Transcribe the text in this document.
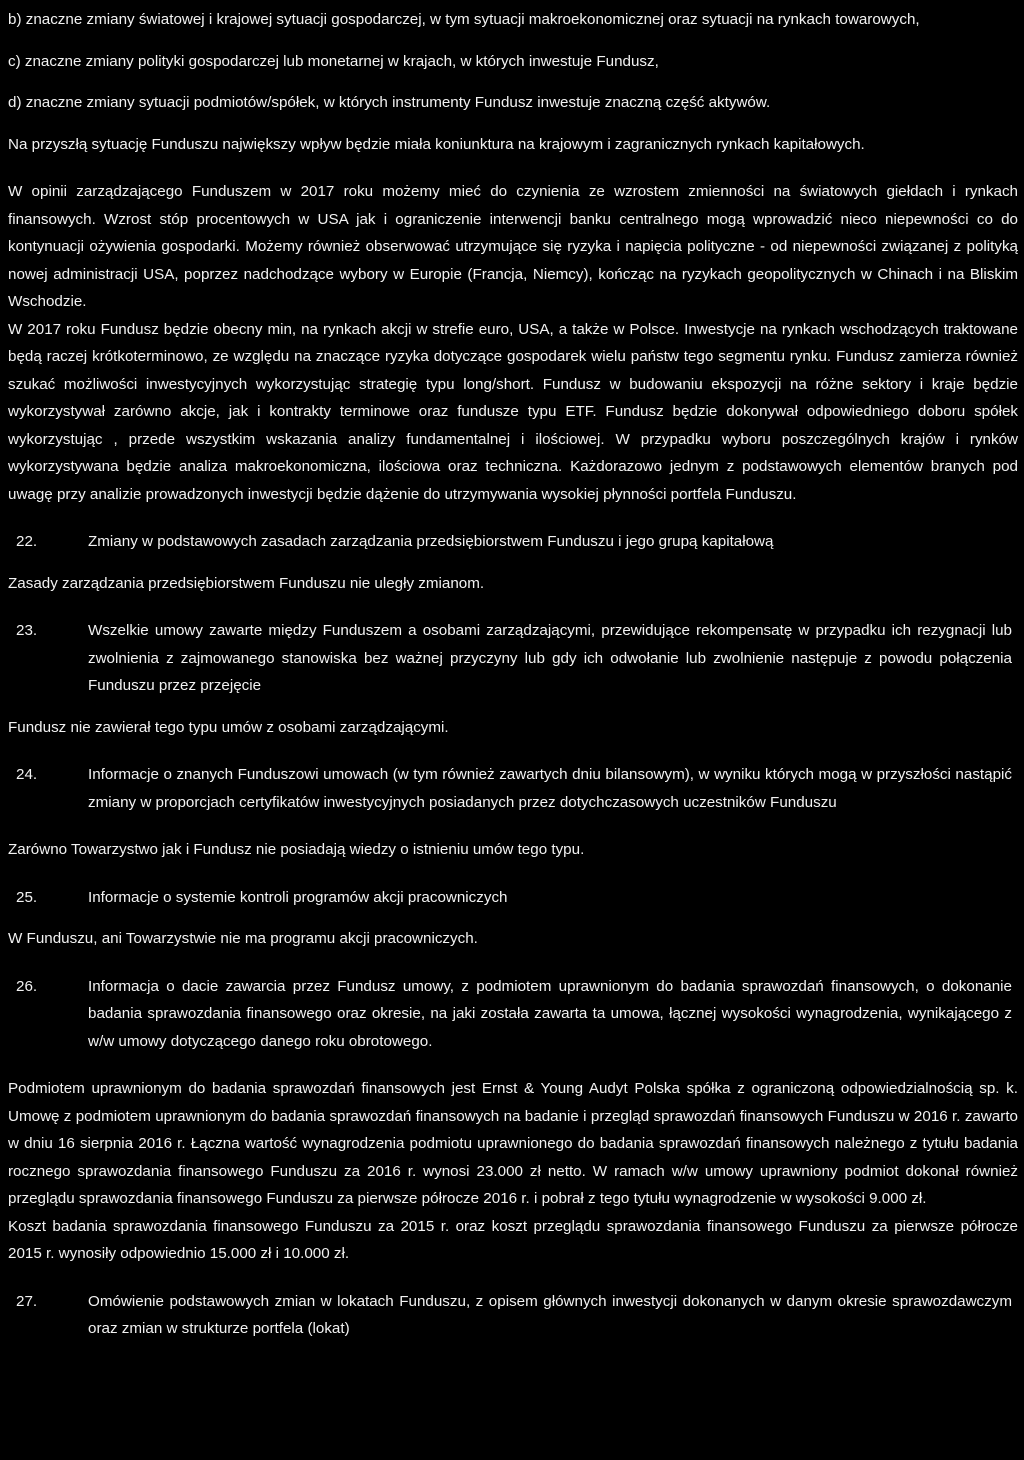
b) znaczne zmiany światowej i krajowej sytuacji gospodarczej, w tym sytuacji makroekonomicznej oraz sytuacji na rynkach towarowych,

c) znaczne zmiany polityki gospodarczej lub monetarnej w krajach, w których inwestuje Fundusz,

d) znaczne zmiany sytuacji podmiotów/spółek, w których instrumenty Fundusz inwestuje znaczną część aktywów.

Na przyszłą sytuację Funduszu największy wpływ będzie miała koniunktura na krajowym i zagranicznych rynkach kapitałowych.

W opinii zarządzającego Funduszem w 2017 roku możemy mieć do czynienia ze wzrostem zmienności na światowych giełdach i rynkach finansowych. Wzrost stóp procentowych w USA jak i ograniczenie interwencji banku centralnego mogą wprowadzić nieco niepewności co do kontynuacji ożywienia gospodarki. Możemy również obserwować utrzymujące się ryzyka i napięcia polityczne - od niepewności związanej z polityką nowej administracji USA, poprzez nadchodzące wybory w Europie (Francja, Niemcy), kończąc na ryzykach geopolitycznych w Chinach i na Bliskim Wschodzie.

W 2017 roku Fundusz będzie obecny min, na rynkach akcji w strefie euro, USA, a także w Polsce. Inwestycje na rynkach wschodzących traktowane będą raczej krótkoterminowo, ze względu na znaczące ryzyka dotyczące gospodarek wielu państw tego segmentu rynku. Fundusz zamierza również szukać możliwości inwestycyjnych wykorzystując strategię typu long/short. Fundusz w budowaniu ekspozycji na różne sektory i kraje będzie wykorzystywał zarówno akcje, jak i kontrakty terminowe oraz fundusze typu ETF. Fundusz będzie dokonywał odpowiedniego doboru spółek wykorzystując , przede wszystkim wskazania analizy fundamentalnej i ilościowej. W przypadku wyboru poszczególnych krajów i rynków wykorzystywana będzie analiza makroekonomiczna, ilościowa oraz techniczna. Każdorazowo jednym z podstawowych elementów branych pod uwagę przy analizie prowadzonych inwestycji będzie dążenie do utrzymywania wysokiej płynności portfela Funduszu.

22.	Zmiany w podstawowych zasadach zarządzania przedsiębiorstwem Funduszu i jego grupą kapitałową

Zasady zarządzania przedsiębiorstwem Funduszu nie uległy zmianom.

23.	Wszelkie umowy zawarte między Funduszem a osobami zarządzającymi, przewidujące rekompensatę w przypadku ich rezygnacji lub zwolnienia z zajmowanego stanowiska bez ważnej przyczyny lub gdy ich odwołanie lub zwolnienie następuje z powodu połączenia Funduszu przez przejęcie

Fundusz nie zawierał tego typu umów z osobami zarządzającymi.

24.	Informacje o znanych Funduszowi umowach (w tym również zawartych dniu bilansowym), w wyniku których mogą w przyszłości nastąpić zmiany w proporcjach certyfikatów inwestycyjnych posiadanych przez dotychczasowych uczestników Funduszu

Zarówno Towarzystwo jak i Fundusz nie posiadają wiedzy o istnieniu umów tego typu.

25.	Informacje o systemie kontroli programów akcji pracowniczych

W Funduszu, ani Towarzystwie nie ma programu akcji pracowniczych.

26.	Informacja o dacie zawarcia przez Fundusz umowy, z podmiotem uprawnionym do badania sprawozdań finansowych, o dokonanie badania sprawozdania finansowego oraz okresie, na jaki została zawarta ta umowa, łącznej wysokości wynagrodzenia, wynikającego z w/w umowy dotyczącego danego roku obrotowego.

Podmiotem uprawnionym do badania sprawozdań finansowych jest Ernst & Young Audyt Polska spółka z ograniczoną odpowiedzialnością sp. k. Umowę z podmiotem uprawnionym do badania sprawozdań finansowych na badanie i przegląd sprawozdań finansowych Funduszu w 2016 r. zawarto w dniu 16 sierpnia 2016 r. Łączna wartość wynagrodzenia podmiotu uprawnionego do badania sprawozdań finansowych należnego z tytułu badania rocznego sprawozdania finansowego Funduszu za 2016 r. wynosi 23.000 zł netto. W ramach w/w umowy uprawniony podmiot dokonał również przeglądu sprawozdania finansowego Funduszu za pierwsze półrocze 2016 r. i pobrał z tego tytułu wynagrodzenie w wysokości 9.000 zł.

Koszt badania sprawozdania finansowego Funduszu za 2015 r. oraz koszt przeglądu sprawozdania finansowego Funduszu za pierwsze półrocze 2015 r. wynosiły odpowiednio 15.000 zł i 10.000 zł.

27.	Omówienie podstawowych zmian w lokatach Funduszu, z opisem głównych inwestycji dokonanych w danym okresie sprawozdawczym oraz zmian w strukturze portfela (lokat)
